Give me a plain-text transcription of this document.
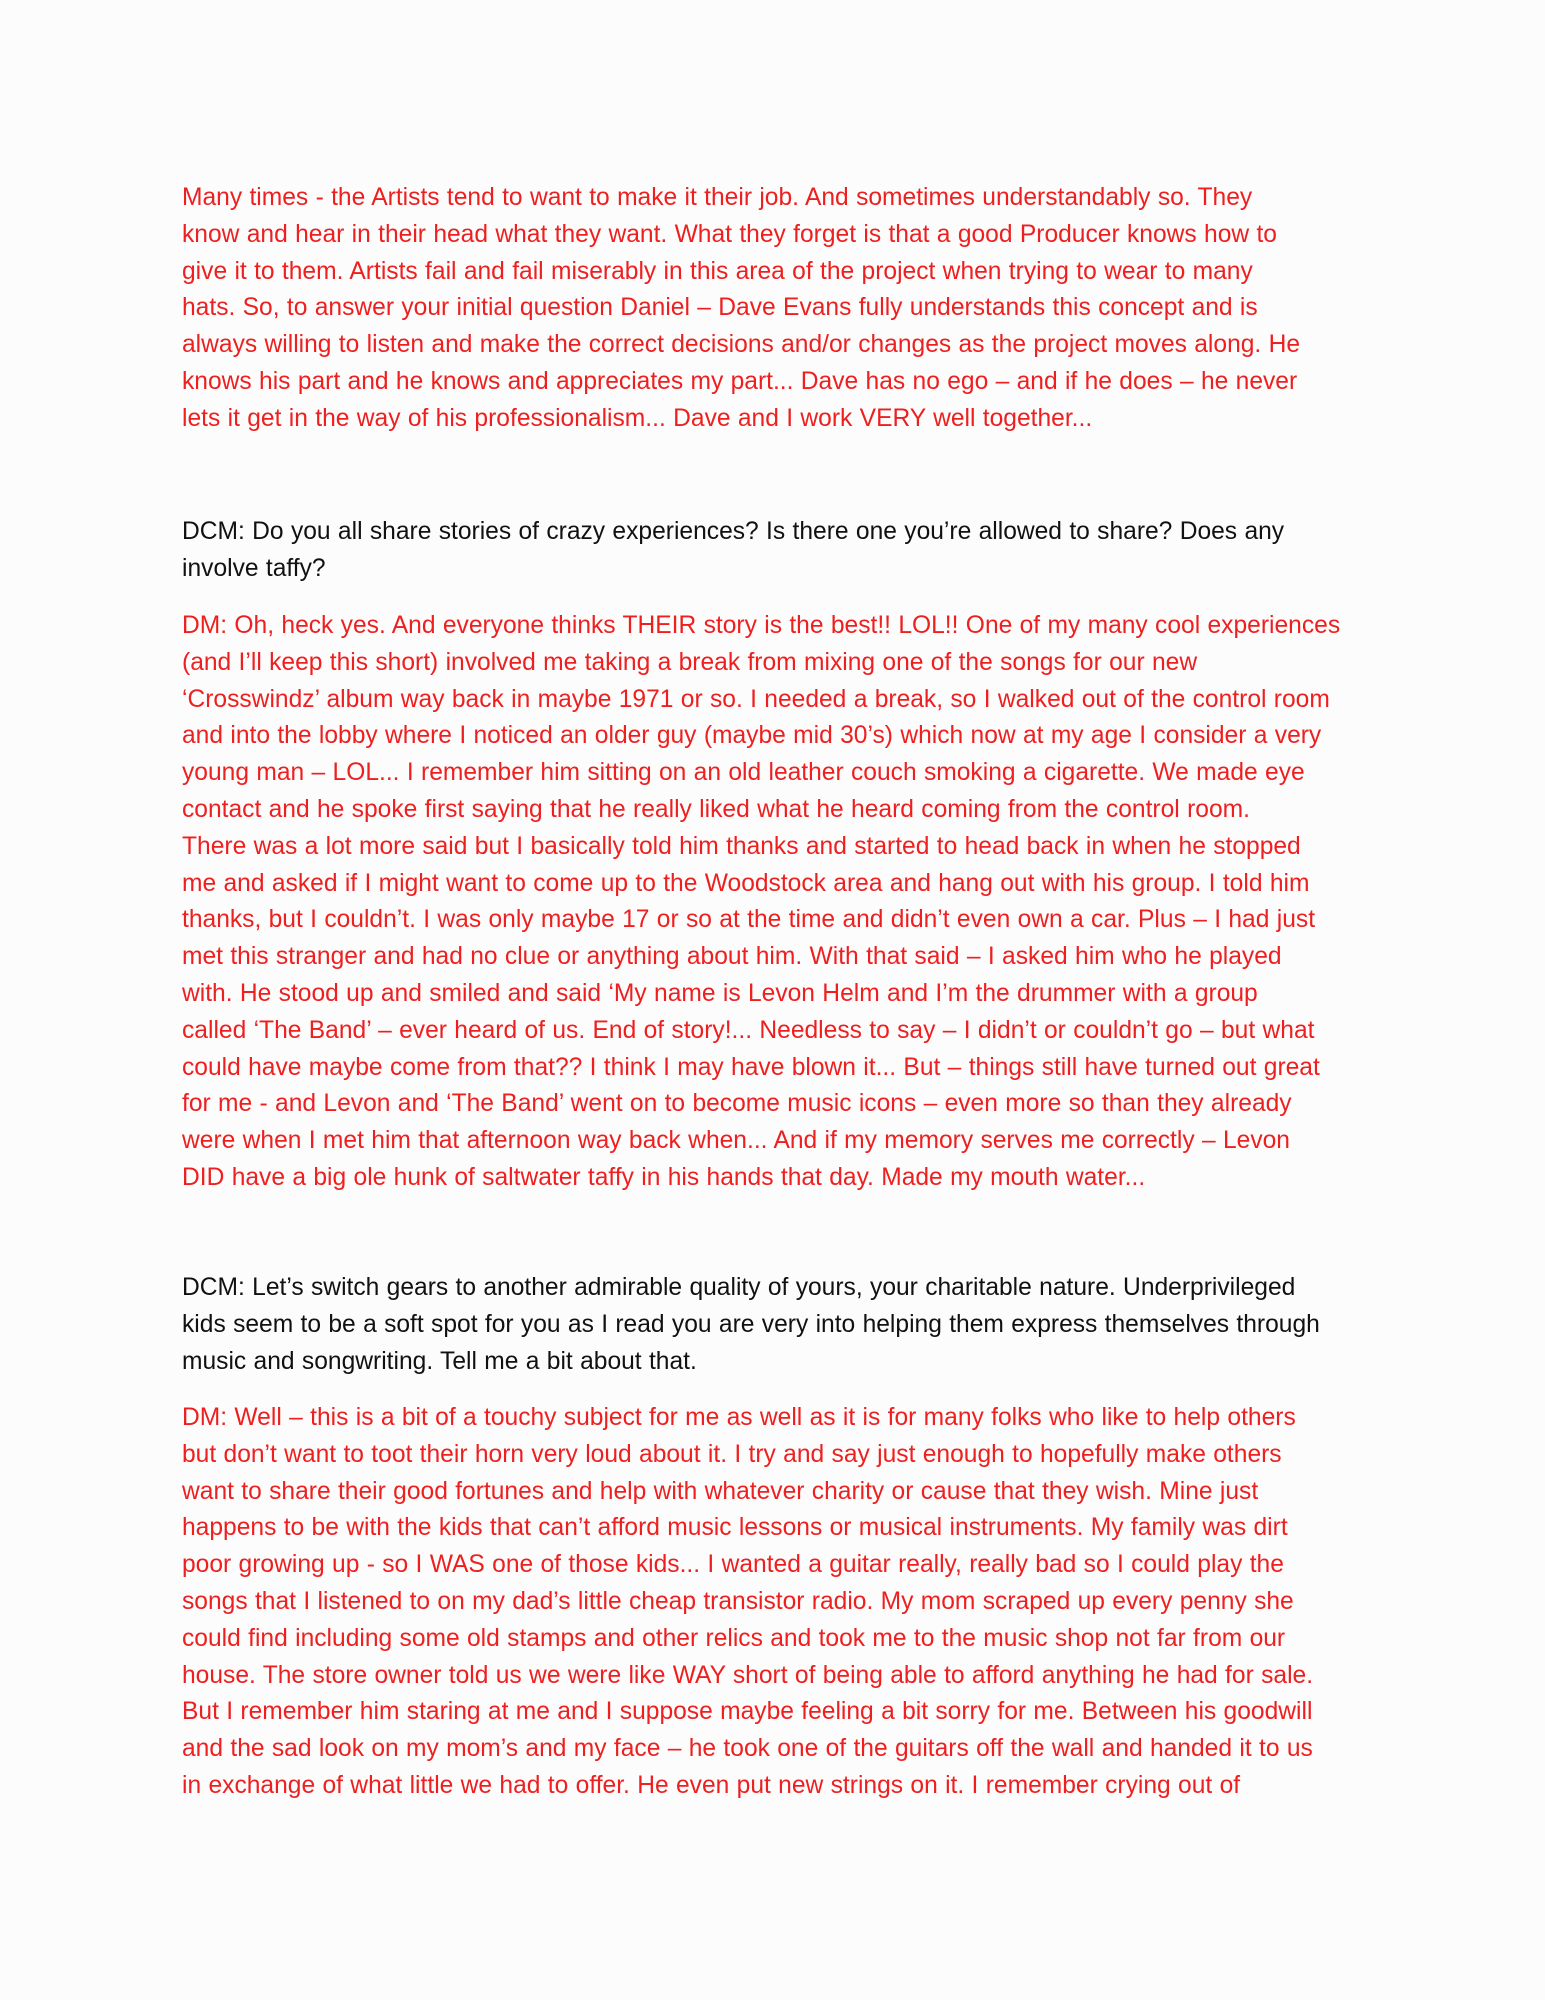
Many times - the Artists tend to want to make it their job. And sometimes understandably so. They
know and hear in their head what they want. What they forget is that a good Producer knows how to
give it to them. Artists fail and fail miserably in this area of the project when trying to wear to many
hats. So, to answer your initial question Daniel – Dave Evans fully understands this concept and is
always willing to listen and make the correct decisions and/or changes as the project moves along. He
knows his part and he knows and appreciates my part... Dave has no ego – and if he does – he never
lets it get in the way of his professionalism... Dave and I work VERY well together...

DCM: Do you all share stories of crazy experiences? Is there one you’re allowed to share? Does any
involve taffy?

DM: Oh, heck yes. And everyone thinks THEIR story is the best!! LOL!! One of my many cool experiences
(and I’ll keep this short) involved me taking a break from mixing one of the songs for our new
‘Crosswindz’ album way back in maybe 1971 or so. I needed a break, so I walked out of the control room
and into the lobby where I noticed an older guy (maybe mid 30’s) which now at my age I consider a very
young man – LOL... I remember him sitting on an old leather couch smoking a cigarette. We made eye
contact and he spoke first saying that he really liked what he heard coming from the control room.
There was a lot more said but I basically told him thanks and started to head back in when he stopped
me and asked if I might want to come up to the Woodstock area and hang out with his group. I told him
thanks, but I couldn’t. I was only maybe 17 or so at the time and didn’t even own a car. Plus – I had just
met this stranger and had no clue or anything about him. With that said – I asked him who he played
with. He stood up and smiled and said ‘My name is Levon Helm and I’m the drummer with a group
called ‘The Band’ – ever heard of us. End of story!... Needless to say – I didn’t or couldn’t go – but what
could have maybe come from that?? I think I may have blown it... But – things still have turned out great
for me - and Levon and ‘The Band’ went on to become music icons – even more so than they already
were when I met him that afternoon way back when... And if my memory serves me correctly – Levon
DID have a big ole hunk of saltwater taffy in his hands that day. Made my mouth water...

DCM: Let’s switch gears to another admirable quality of yours, your charitable nature. Underprivileged
kids seem to be a soft spot for you as I read you are very into helping them express themselves through
music and songwriting. Tell me a bit about that.

DM: Well – this is a bit of a touchy subject for me as well as it is for many folks who like to help others
but don’t want to toot their horn very loud about it. I try and say just enough to hopefully make others
want to share their good fortunes and help with whatever charity or cause that they wish. Mine just
happens to be with the kids that can’t afford music lessons or musical instruments. My family was dirt
poor growing up - so I WAS one of those kids... I wanted a guitar really, really bad so I could play the
songs that I listened to on my dad’s little cheap transistor radio. My mom scraped up every penny she
could find including some old stamps and other relics and took me to the music shop not far from our
house. The store owner told us we were like WAY short of being able to afford anything he had for sale.
But I remember him staring at me and I suppose maybe feeling a bit sorry for me. Between his goodwill
and the sad look on my mom’s and my face – he took one of the guitars off the wall and handed it to us
in exchange of what little we had to offer. He even put new strings on it. I remember crying out of
